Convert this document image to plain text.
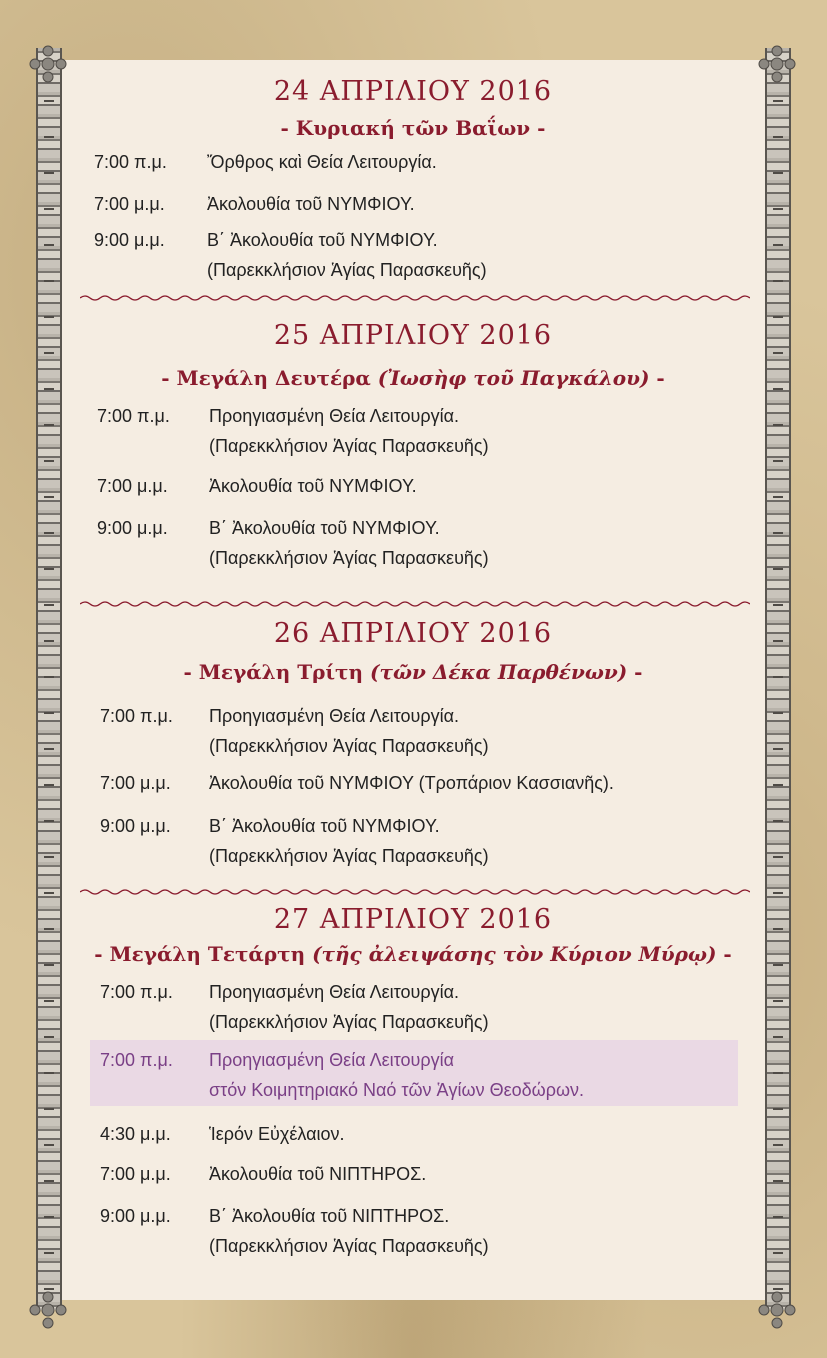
24 ΑΠΡΙΛΙΟΥ 2016
- Κυριακή τῶν Βαΐων -
7:00 π.μ.	Ὄρθρος καὶ Θεία Λειτουργία.
7:00 μ.μ.	Ἀκολουθία τοῦ ΝΥΜΦΙΟΥ.
9:00 μ.μ.	Β΄ Ἀκολουθία τοῦ ΝΥΜΦΙΟΥ.
(Παρεκκλήσιον Ἁγίας Παρασκευῆς)
25 ΑΠΡΙΛΙΟΥ 2016
- Μεγάλη Δευτέρα (Ἰωσὴφ τοῦ Παγκάλου) -
7:00 π.μ.	Προηγιασμένη Θεία Λειτουργία.
(Παρεκκλήσιον Ἁγίας Παρασκευῆς)
7:00 μ.μ.	Ἀκολουθία τοῦ ΝΥΜΦΙΟΥ.
9:00 μ.μ.	Β΄ Ἀκολουθία τοῦ ΝΥΜΦΙΟΥ.
(Παρεκκλήσιον Ἁγίας Παρασκευῆς)
26 ΑΠΡΙΛΙΟΥ 2016
- Μεγάλη Τρίτη (τῶν Δέκα Παρθένων) -
7:00 π.μ.	Προηγιασμένη Θεία Λειτουργία.
(Παρεκκλήσιον Ἁγίας Παρασκευῆς)
7:00 μ.μ.	Ἀκολουθία τοῦ ΝΥΜΦΙΟΥ (Τροπάριον Κασσιανῆς).
9:00 μ.μ.	Β΄ Ἀκολουθία τοῦ ΝΥΜΦΙΟΥ.
(Παρεκκλήσιον Ἁγίας Παρασκευῆς)
27 ΑΠΡΙΛΙΟΥ 2016
- Μεγάλη Τετάρτη (τῆς ἀλειψάσης τὸν Κύριον Μύρῳ) -
7:00 π.μ.	Προηγιασμένη Θεία Λειτουργία.
(Παρεκκλήσιον Ἁγίας Παρασκευῆς)
7:00 π.μ.	Προηγιασμένη Θεία Λειτουργία
στόν Κοιμητηριακό Ναό τῶν Ἁγίων Θεοδώρων.
4:30 μ.μ.	Ἱερόν Εὐχέλαιον.
7:00 μ.μ.	Ἀκολουθία τοῦ ΝΙΠΤΗΡΟΣ.
9:00 μ.μ.	Β΄ Ἀκολουθία τοῦ ΝΙΠΤΗΡΟΣ.
(Παρεκκλήσιον Ἁγίας Παρασκευῆς)
